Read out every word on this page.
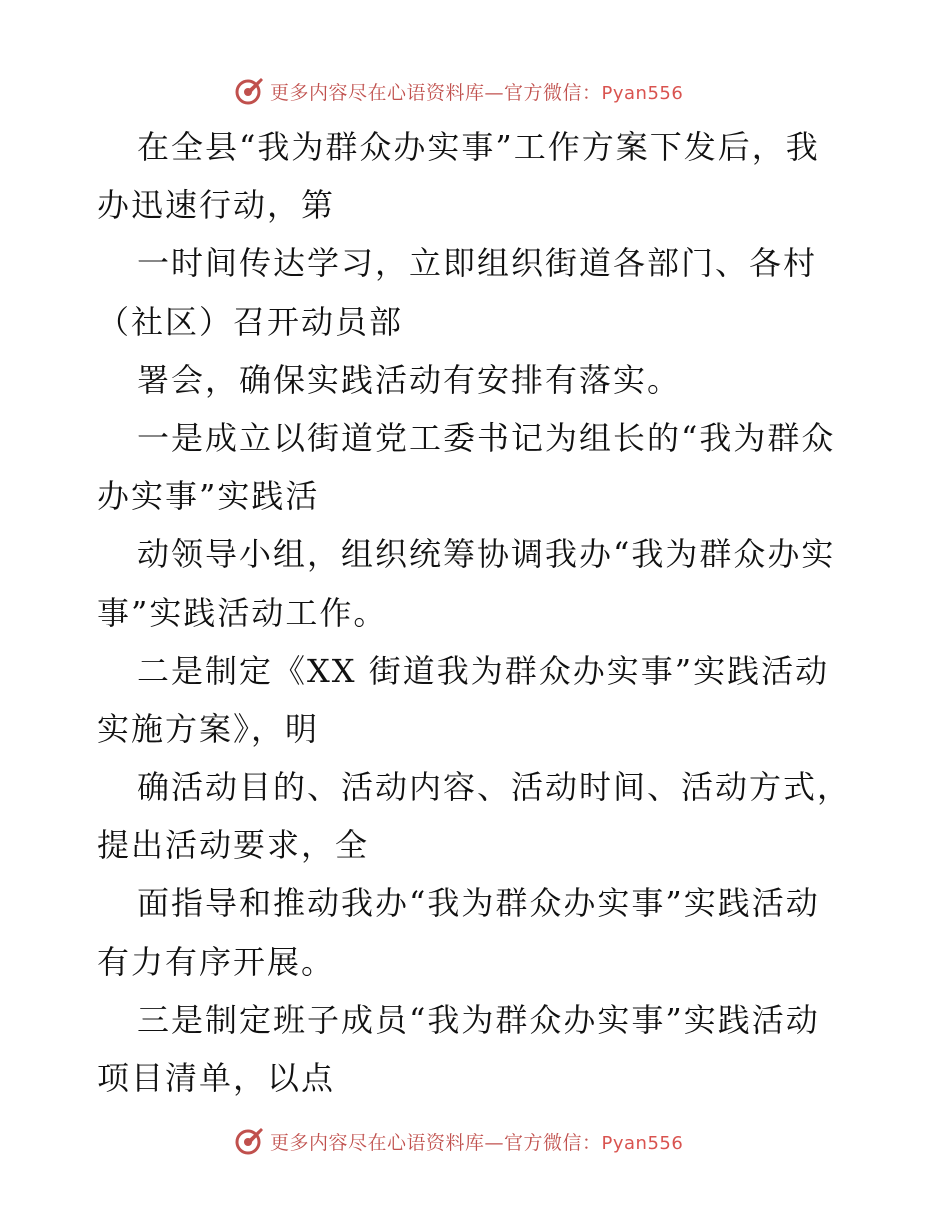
更多内容尽在心语资料库—官方微信：Pyan556
在全县“我为群众办实事”工作方案下发后，我
办迅速行动，第
一时间传达学习，立即组织街道各部门、各村
（社区）召开动员部
署会，确保实践活动有安排有落实。
一是成立以街道党工委书记为组长的“我为群众
办实事”实践活
动领导小组，组织统筹协调我办“我为群众办实
事”实践活动工作。
二是制定《XX 街道我为群众办实事”实践活动
实施方案》，明
确活动目的、活动内容、活动时间、活动方式，
提出活动要求，全
面指导和推动我办“我为群众办实事”实践活动
有力有序开展。
三是制定班子成员“我为群众办实事”实践活动
项目清单，以点
更多内容尽在心语资料库—官方微信：Pyan556
